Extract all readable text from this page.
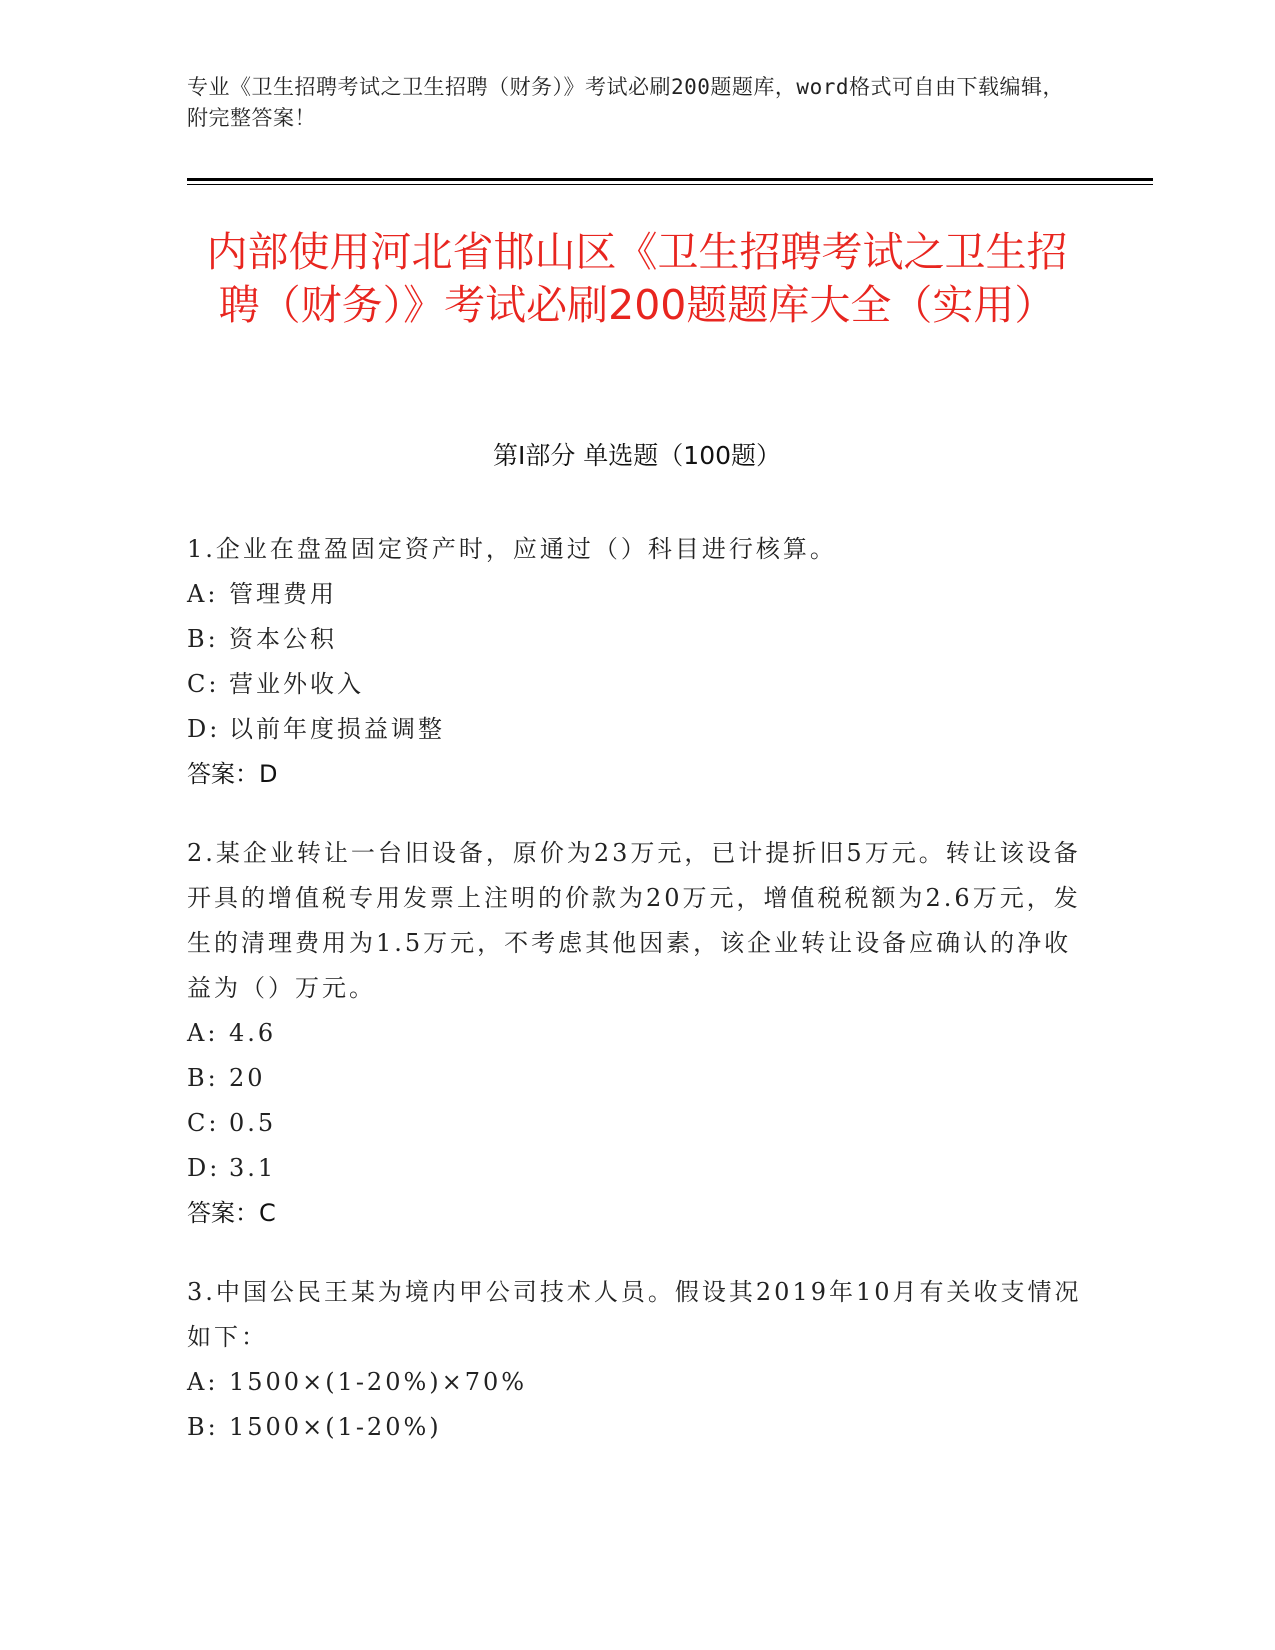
专业《卫生招聘考试之卫生招聘（财务）》考试必刷200题题库，word格式可自由下载编辑，附完整答案！
内部使用河北省邯山区《卫生招聘考试之卫生招聘（财务）》考试必刷200题题库大全（实用）
第Ⅰ部分 单选题（100题）
1.企业在盘盈固定资产时，应通过（）科目进行核算。
A: 管理费用
B: 资本公积
C: 营业外收入
D: 以前年度损益调整
答案：D
2.某企业转让一台旧设备，原价为23万元，已计提折旧5万元。转让该设备开具的增值税专用发票上注明的价款为20万元，增值税税额为2.6万元，发生的清理费用为1.5万元，不考虑其他因素，该企业转让设备应确认的净收益为（）万元。
A: 4.6
B: 20
C: 0.5
D: 3.1
答案：C
3.中国公民王某为境内甲公司技术人员。假设其2019年10月有关收支情况如下：
A: 1500×(1-20%)×70%
B: 1500×(1-20%)
